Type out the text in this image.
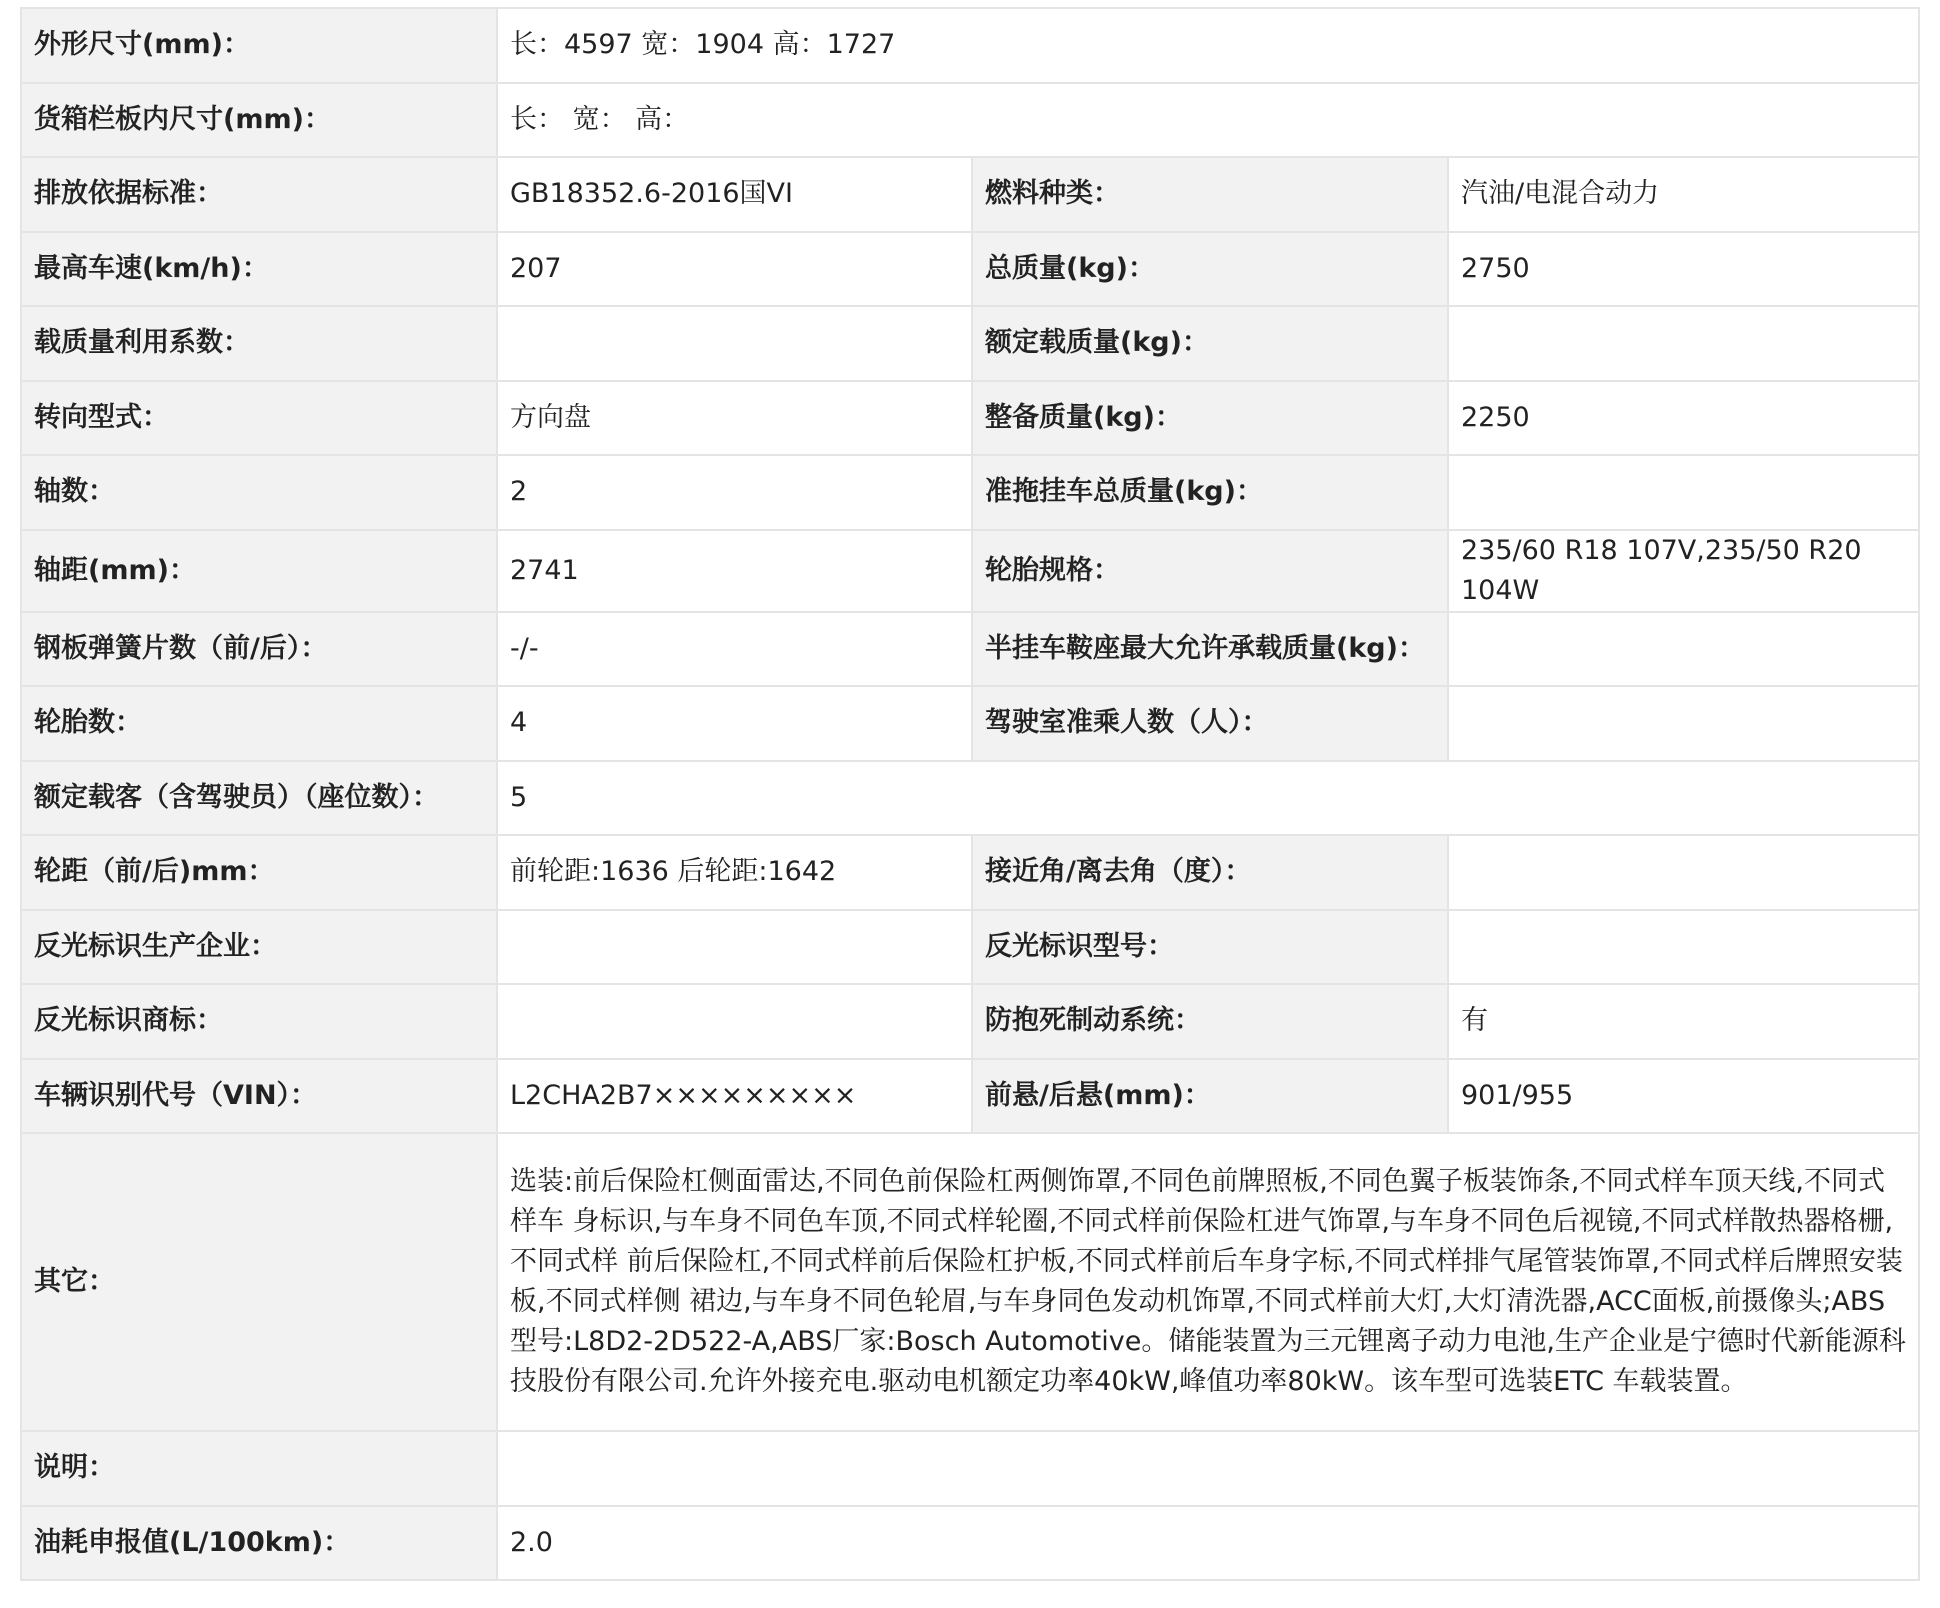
外形尺寸(mm)：	长：4597 宽：1904 高：1727		
货箱栏板内尺寸(mm)：	长： 宽： 高：		
排放依据标准：	GB18352.6-2016国VI	燃料种类：	汽油/电混合动力
最高车速(km/h)：	207	总质量(kg)：	2750
载质量利用系数：		额定载质量(kg)：	
转向型式：	方向盘	整备质量(kg)：	2250
轴数：	2	准拖挂车总质量(kg)：	
轴距(mm)：	2741	轮胎规格：	235/60 R18 107V,235/50 R20 104W
钢板弹簧片数（前/后）：	-/-	半挂车鞍座最大允许承载质量(kg)：	
轮胎数：	4	驾驶室准乘人数（人）：	
额定载客（含驾驶员）（座位数）：	5		
轮距（前/后)mm：	前轮距:1636 后轮距:1642	接近角/离去角（度）：	
反光标识生产企业：		反光标识型号：	
反光标识商标：		防抱死制动系统：	有
车辆识别代号（VIN）：	L2CHA2B7×××××××××	前悬/后悬(mm)：	901/955
其它：	选装:前后保险杠侧面雷达,不同色前保险杠两侧饰罩,不同色前牌照板,不同色翼子板装饰条,不同式样车顶天线,不同式样车 身标识,与车身不同色车顶,不同式样轮圈,不同式样前保险杠进气饰罩,与车身不同色后视镜,不同式样散热器格栅,不同式样 前后保险杠,不同式样前后保险杠护板,不同式样前后车身字标,不同式样排气尾管装饰罩,不同式样后牌照安装板,不同式样侧 裙边,与车身不同色轮眉,与车身同色发动机饰罩,不同式样前大灯,大灯清洗器,ACC面板,前摄像头;ABS型号:L8D2-2D522-A,ABS厂家:Bosch Automotive。储能装置为三元锂离子动力电池,生产企业是宁德时代新能源科技股份有限公司.允许外接充电.驱动电机额定功率40kW,峰值功率80kW。该车型可选装ETC 车载装置。		
说明：			
油耗申报值(L/100km)：	2.0		
